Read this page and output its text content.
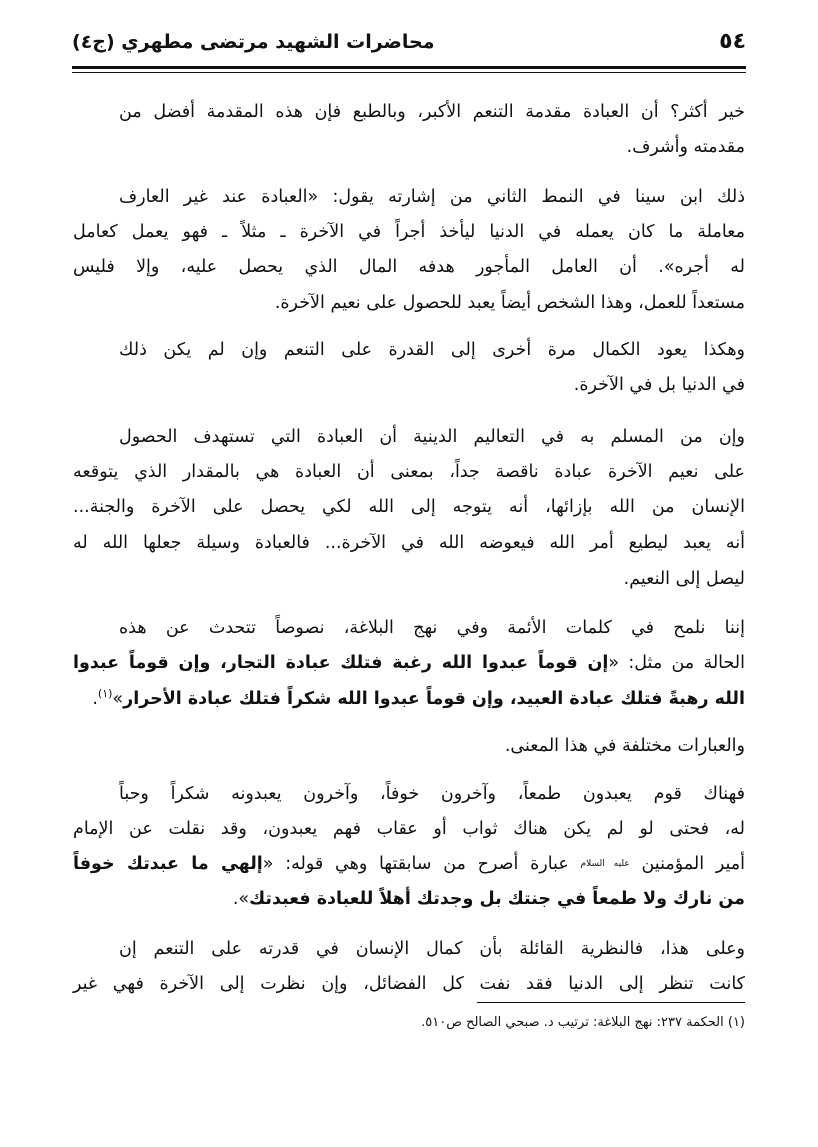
٥٤
محاضرات الشهيد مرتضى مطهري (ج٤)
خير أكثر؟ أن العبادة مقدمة التنعم الأكبر، وبالطبع فإن هذه المقدمة أفضل من
مقدمته وأشرف.
ذلك ابن سينا في النمط الثاني من إشارته يقول: «العبادة عند غير العارف
معاملة ما كان يعمله في الدنيا ليأخذ أجراً في الآخرة ـ مثلاً ـ فهو يعمل كعامل
له أجره». أن العامل المأجور هدفه المال الذي يحصل عليه، وإلا فليس
مستعداً للعمل، وهذا الشخص أيضاً يعبد للحصول على نعيم الآخرة.
وهكذا يعود الكمال مرة أخرى إلى القدرة على التنعم وإن لم يكن ذلك
في الدنيا بل في الآخرة.
وإن من المسلم به في التعاليم الدينية أن العبادة التي تستهدف الحصول
على نعيم الآخرة عبادة ناقصة جداً، بمعنى أن العبادة هي بالمقدار الذي يتوقعه
الإنسان من الله بإزائها، أنه يتوجه إلى الله لكي يحصل على الآخرة والجنة...
أنه يعبد ليطيع أمر الله فيعوضه الله في الآخرة... فالعبادة وسيلة جعلها الله له
ليصل إلى النعيم.
إننا نلمح في كلمات الأئمة وفي نهج البلاغة، نصوصاً تتحدث عن هذه
الحالة من مثل: «إن قوماً عبدوا الله رغبة فتلك عبادة التجار، وإن قوماً عبدوا
الله رهبةً فتلك عبادة العبيد، وإن قوماً عبدوا الله شكراً فتلك عبادة الأحرار»$^{(١)}$.
والعبارات مختلفة في هذا المعنى.
فهناك قوم يعبدون طمعاً، وآخرون خوفاً، وآخرون يعبدونه شكراً وحباً
له، فحتى لو لم يكن هناك ثواب أو عقاب فهم يعبدون، وقد نقلت عن الإمام
أمير المؤمنين عليه السلام عبارة أصرح من سابقتها وهي قوله: «إلهي ما عبدتك خوفاً
من نارك ولا طمعاً في جنتك بل وجدتك أهلاً للعبادة فعبدتك».
وعلى هذا، فالنظرية القائلة بأن كمال الإنسان في قدرته على التنعم إن
كانت تنظر إلى الدنيا فقد نفت كل الفضائل، وإن نظرت إلى الآخرة فهي غير
(١) الحكمة ٢٣٧: نهج البلاغة: ترتيب د. صبحي الصالح ص٥١٠.
